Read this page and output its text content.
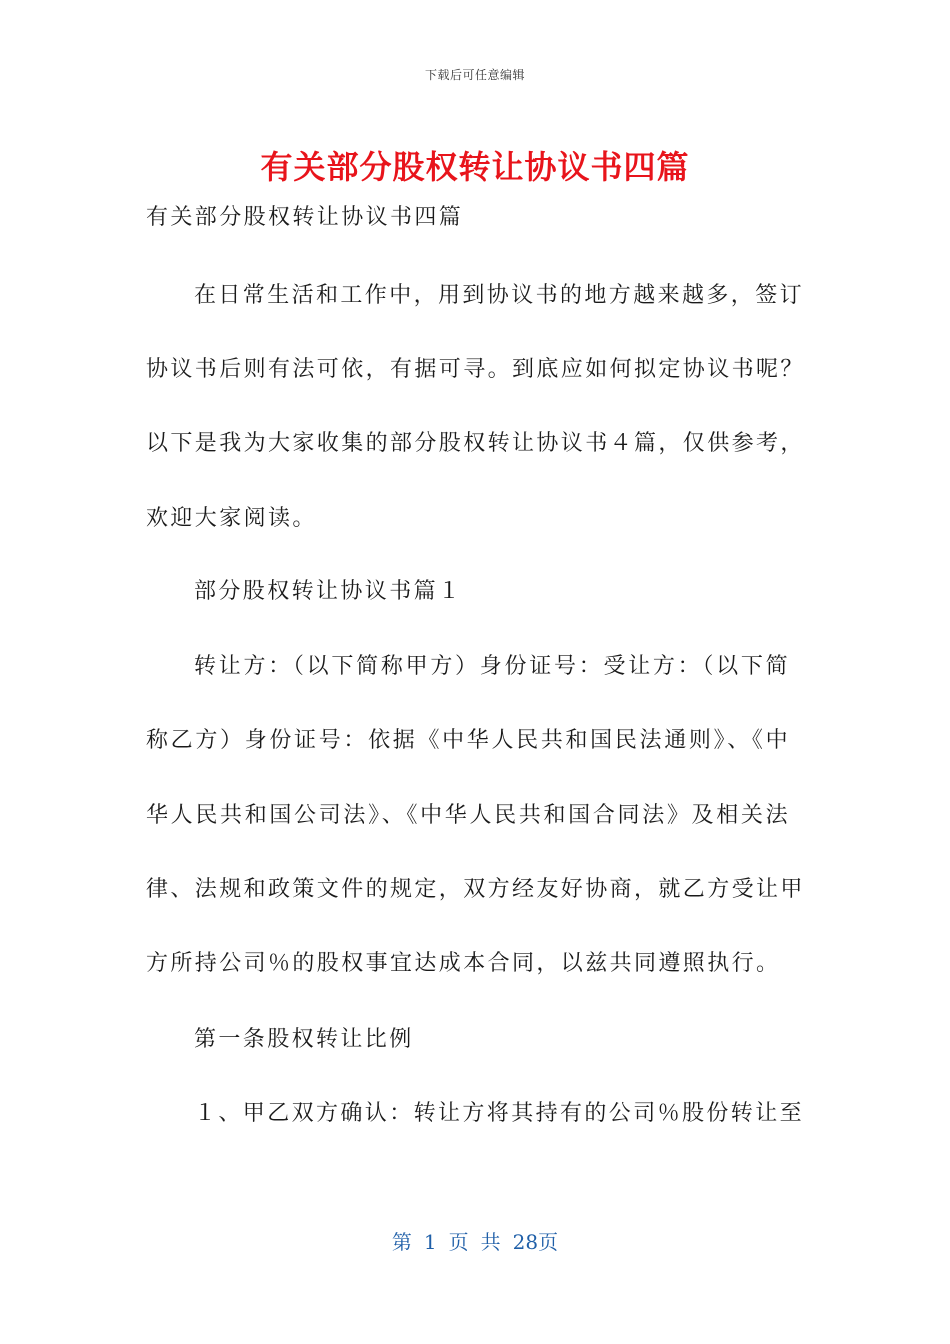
下载后可任意编辑
有关部分股权转让协议书四篇
有关部分股权转让协议书四篇
在日常生活和工作中，用到协议书的地方越来越多，签订
协议书后则有法可依，有据可寻。到底应如何拟定协议书呢？
以下是我为大家收集的部分股权转让协议书４篇，仅供参考，
欢迎大家阅读。
部分股权转让协议书篇１
转让方：（以下简称甲方）身份证号：受让方：（以下简
称乙方）身份证号：依据《中华人民共和国民法通则》、《中
华人民共和国公司法》、《中华人民共和国合同法》及相关法
律、法规和政策文件的规定，双方经友好协商，就乙方受让甲
方所持公司％的股权事宜达成本合同，以兹共同遵照执行。
第一条股权转让比例
１、甲乙双方确认：转让方将其持有的公司％股份转让至
第 1 页 共 28页
